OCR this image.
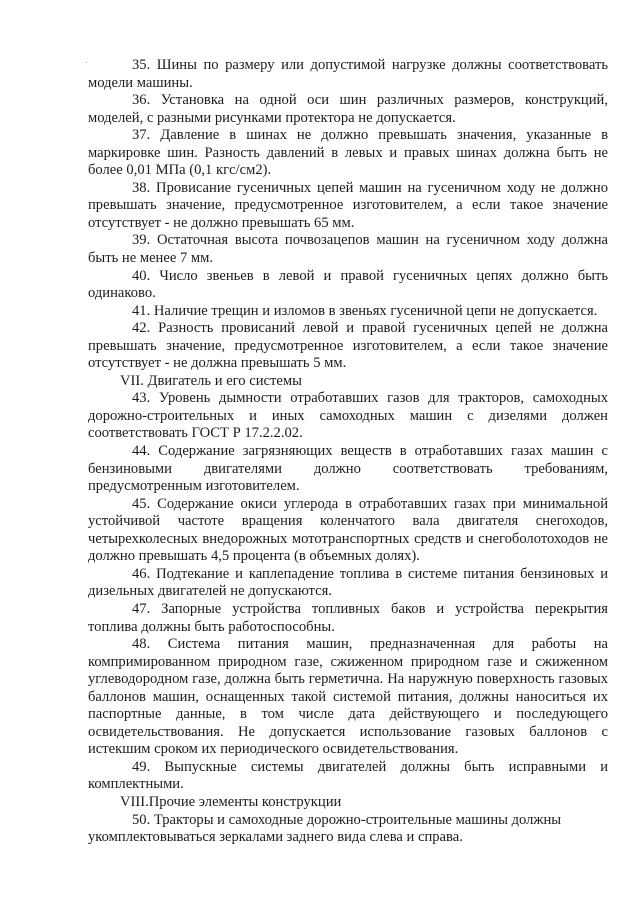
35. Шины по размеру или допустимой нагрузке должны соответствовать модели машины.

36. Установка на одной оси шин различных размеров, конструкций, моделей, с разными рисунками протектора не допускается.

37. Давление в шинах не должно превышать значения, указанные в маркировке шин. Разность давлений в левых и правых шинах должна быть не более 0,01 МПа (0,1 кгс/см2).

38. Провисание гусеничных цепей машин на гусеничном ходу не должно превышать значение, предусмотренное изготовителем, а если такое значение отсутствует - не должно превышать 65 мм.

39. Остаточная высота почвозацепов машин на гусеничном ходу должна быть не менее 7 мм.

40. Число звеньев в левой и правой гусеничных цепях должно быть одинаково.

41. Наличие трещин и изломов в звеньях гусеничной цепи не допускается.

42. Разность провисаний левой и правой гусеничных цепей не должна превышать значение, предусмотренное изготовителем, а если такое значение отсутствует - не должна превышать 5 мм.

VII. Двигатель и его системы

43. Уровень дымности отработавших газов для тракторов, самоходных дорожно-строительных и иных самоходных машин с дизелями должен соответствовать ГОСТ Р 17.2.2.02.

44. Содержание загрязняющих веществ в отработавших газах машин с бензиновыми двигателями должно соответствовать требованиям, предусмотренным изготовителем.

45. Содержание окиси углерода в отработавших газах при минимальной устойчивой частоте вращения коленчатого вала двигателя снегоходов, четырехколесных внедорожных мототранспортных средств и снегоболотоходов не должно превышать 4,5 процента (в объемных долях).

46. Подтекание и каплепадение топлива в системе питания бензиновых и дизельных двигателей не допускаются.

47. Запорные устройства топливных баков и устройства перекрытия топлива должны быть работоспособны.

48. Система питания машин, предназначенная для работы на компримированном природном газе, сжиженном природном газе и сжиженном углеводородном газе, должна быть герметична. На наружную поверхность газовых баллонов машин, оснащенных такой системой питания, должны наноситься их паспортные данные, в том числе дата действующего и последующего освидетельствования. Не допускается использование газовых баллонов с истекшим сроком их периодического освидетельствования.

49. Выпускные системы двигателей должны быть исправными и комплектными.

VIII.Прочие элементы конструкции

50. Тракторы и самоходные дорожно-строительные машины должны укомплектовываться зеркалами заднего вида слева и справа.
